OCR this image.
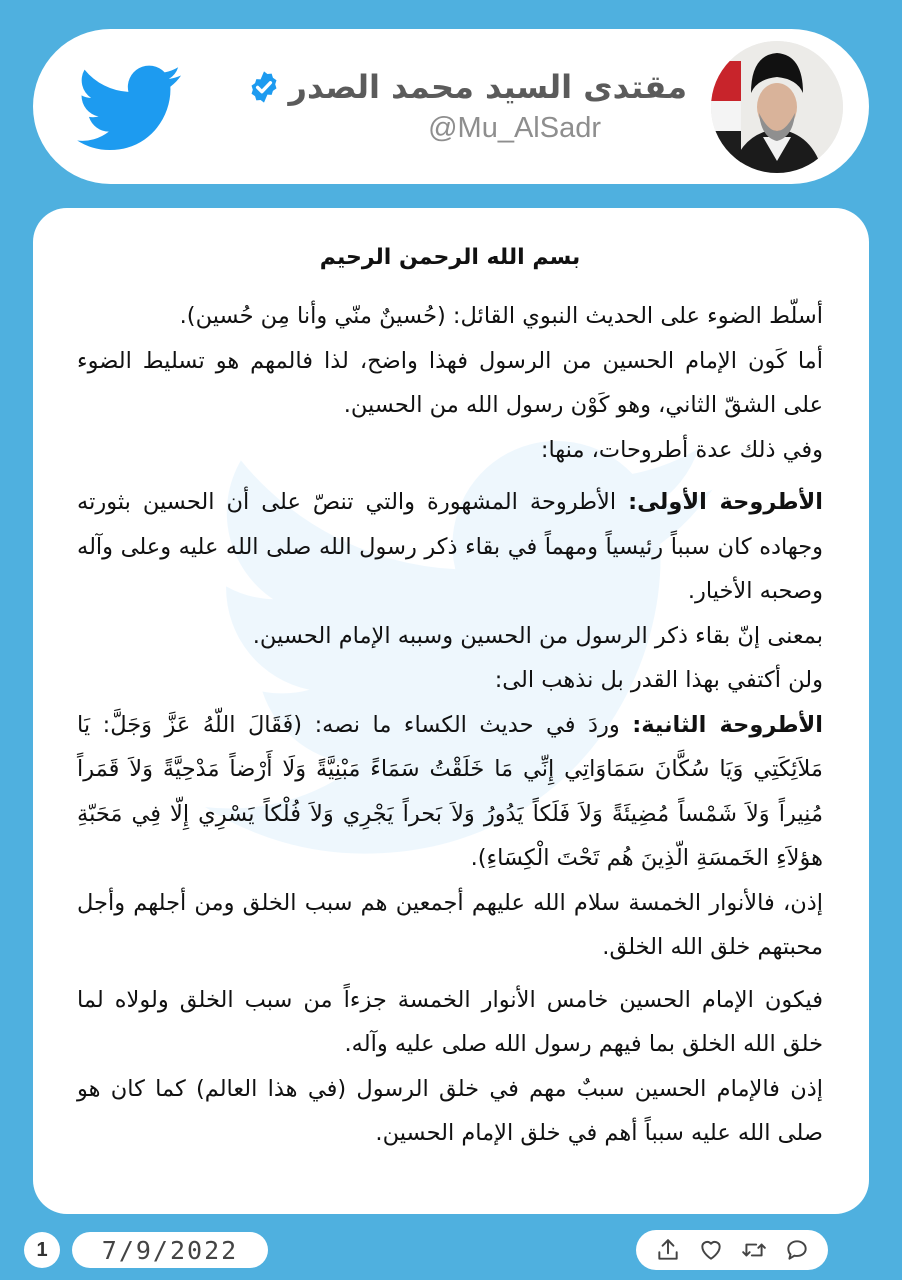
مقتدى السيد محمد الصدر
@Mu_AlSadr
بسم الله الرحمن الرحيم

أسلّط الضوء على الحديث النبوي القائل: (حُسينٌ منّي وأنا مِن حُسين).

أما كَون الإمام الحسين من الرسول فهذا واضح، لذا فالمهم هو تسليط الضوء على الشقّ الثاني، وهو كَوْن رسول الله من الحسين.

وفي ذلك عدة أطروحات، منها:

الأطروحة الأولى: الأطروحة المشهورة والتي تنصّ على أن الحسين بثورته وجهاده كان سبباً رئيسياً ومهماً في بقاء ذكر رسول الله صلى الله عليه وعلى وآله وصحبه الأخيار.

بمعنى إنّ بقاء ذكر الرسول من الحسين وسببه الإمام الحسين.

ولن أكتفي بهذا القدر بل نذهب الى:

الأطروحة الثانية: وردَ في حديث الكساء ما نصه: (فَقَالَ اللّهُ عَزَّ وَجَلَّ: يَا مَلاَئِكَتِي وَيَا سُكَّانَ سَمَاوَاتِي إِنِّي مَا خَلَقْتُ سَمَاءً مَبْنِيَّةً وَلَا أَرْضاً مَدْحِيَّةً وَلاَ قَمَراً مُنِيراً وَلاَ شَمْساً مُضِيئَةً وَلاَ فَلَكاً يَدُورُ وَلاَ بَحراً يَجْرِي وَلاَ فُلْكاً يَسْرِي إِلّا فِي مَحَبّةِ هؤلاَءِ الخَمسَةِ الّذِينَ هُم تَحْتَ الْكِسَاءِ).

إذن، فالأنوار الخمسة سلام الله عليهم أجمعين هم سبب الخلق ومن أجلهم وأجل محبتهم خلق الله الخلق.

فيكون الإمام الحسين خامس الأنوار الخمسة جزءاً من سبب الخلق ولولاه لما خلق الله الخلق بما فيهم رسول الله صلى عليه وآله.

إذن فالإمام الحسين سببٌ مهم في خلق الرسول (في هذا العالم) كما كان هو صلى الله عليه سبباً أهم في خلق الإمام الحسين.

1	7/9/2022
